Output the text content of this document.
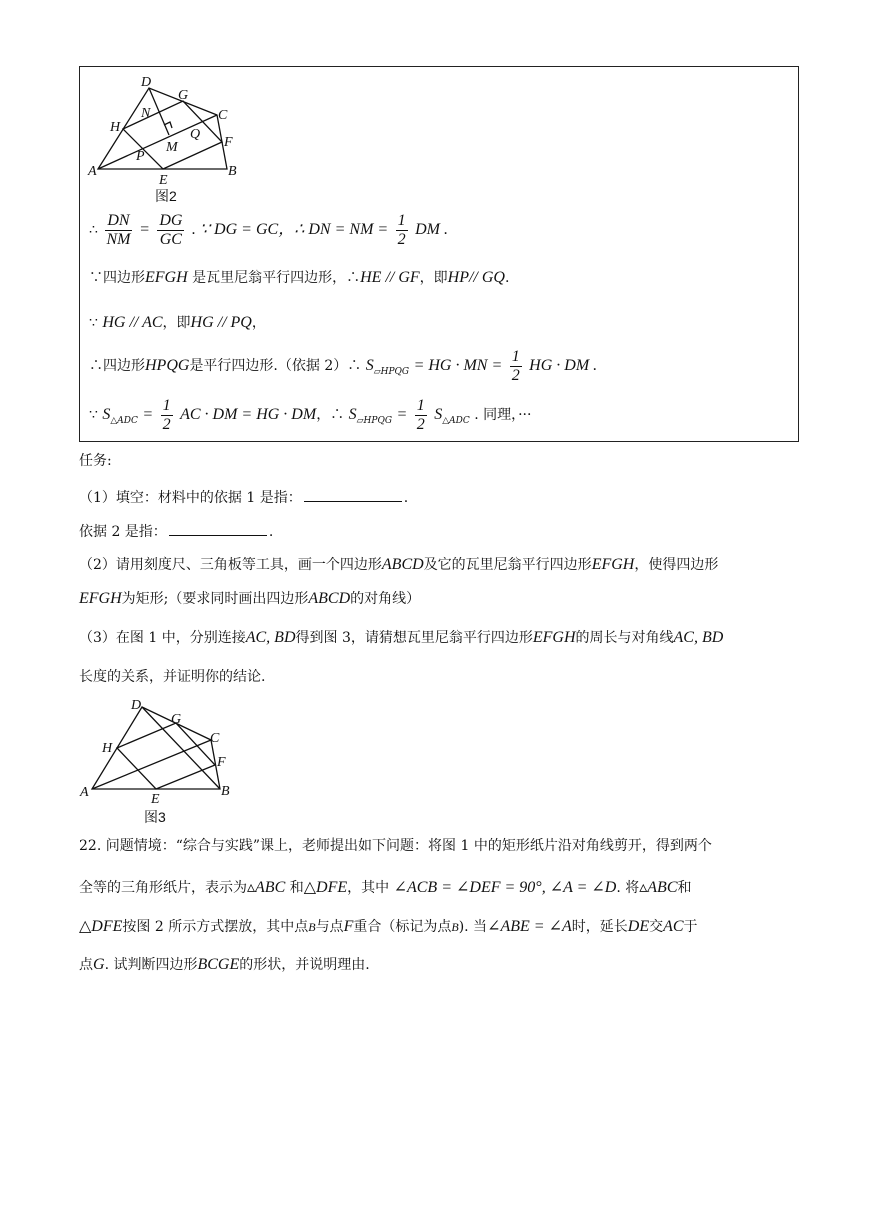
D
G
N	C
H	Q
F
M
P
A	B
E
图2
∴ $\frac{DN}{NM} = \frac{DG}{GC}$ . ∵ DG = GC，∴ DN = NM = $\frac{1}{2}$ DM .
∵四边形EFGH 是瓦里尼翁平行四边形，∴HE // GF，即HP// GQ.
∵ HG // AC，即HG // PQ，
∴四边形HPQG是平行四边形.（依据 2）∴ $S_{▱HPQG}$ = HG · MN = $\frac{1}{2}$ HG · DM .
∵ $S_{\triangle ADC} = \frac{1}{2}$ AC · DM = HG · DM，∴ $S_{▱HPQG} = \frac{1}{2} S_{\triangle ADC}$ . 同理，···
任务:
（1）填空：材料中的依据 1 是指：	.
依据 2 是指：	.
（2）请用刻度尺、三角板等工具，画一个四边形ABCD及它的瓦里尼翁平行四边形EFGH，使得四边形
EFGH为矩形;（要求同时画出四边形ABCD的对角线）
（3）在图 1 中，分别连接AC, BD得到图 3，请猜想瓦里尼翁平行四边形EFGH的周长与对角线AC, BD
长度的关系，并证明你的结论.
D
G
C
H
F
A	B
E
图3
22. 问题情境：“综合与实践”课上，老师提出如下问题：将图 1 中的矩形纸片沿对角线剪开，得到两个
全等的三角形纸片，表示为▵ABC 和△DFE，其中 ∠ACB = ∠DEF = 90°, ∠A = ∠D. 将▵ABC和
△DFE按图 2 所示方式摆放，其中点B与点F重合（标记为点B). 当∠ABE = ∠A时，延长DE交AC于
点G. 试判断四边形BCGE的形状，并说明理由.
